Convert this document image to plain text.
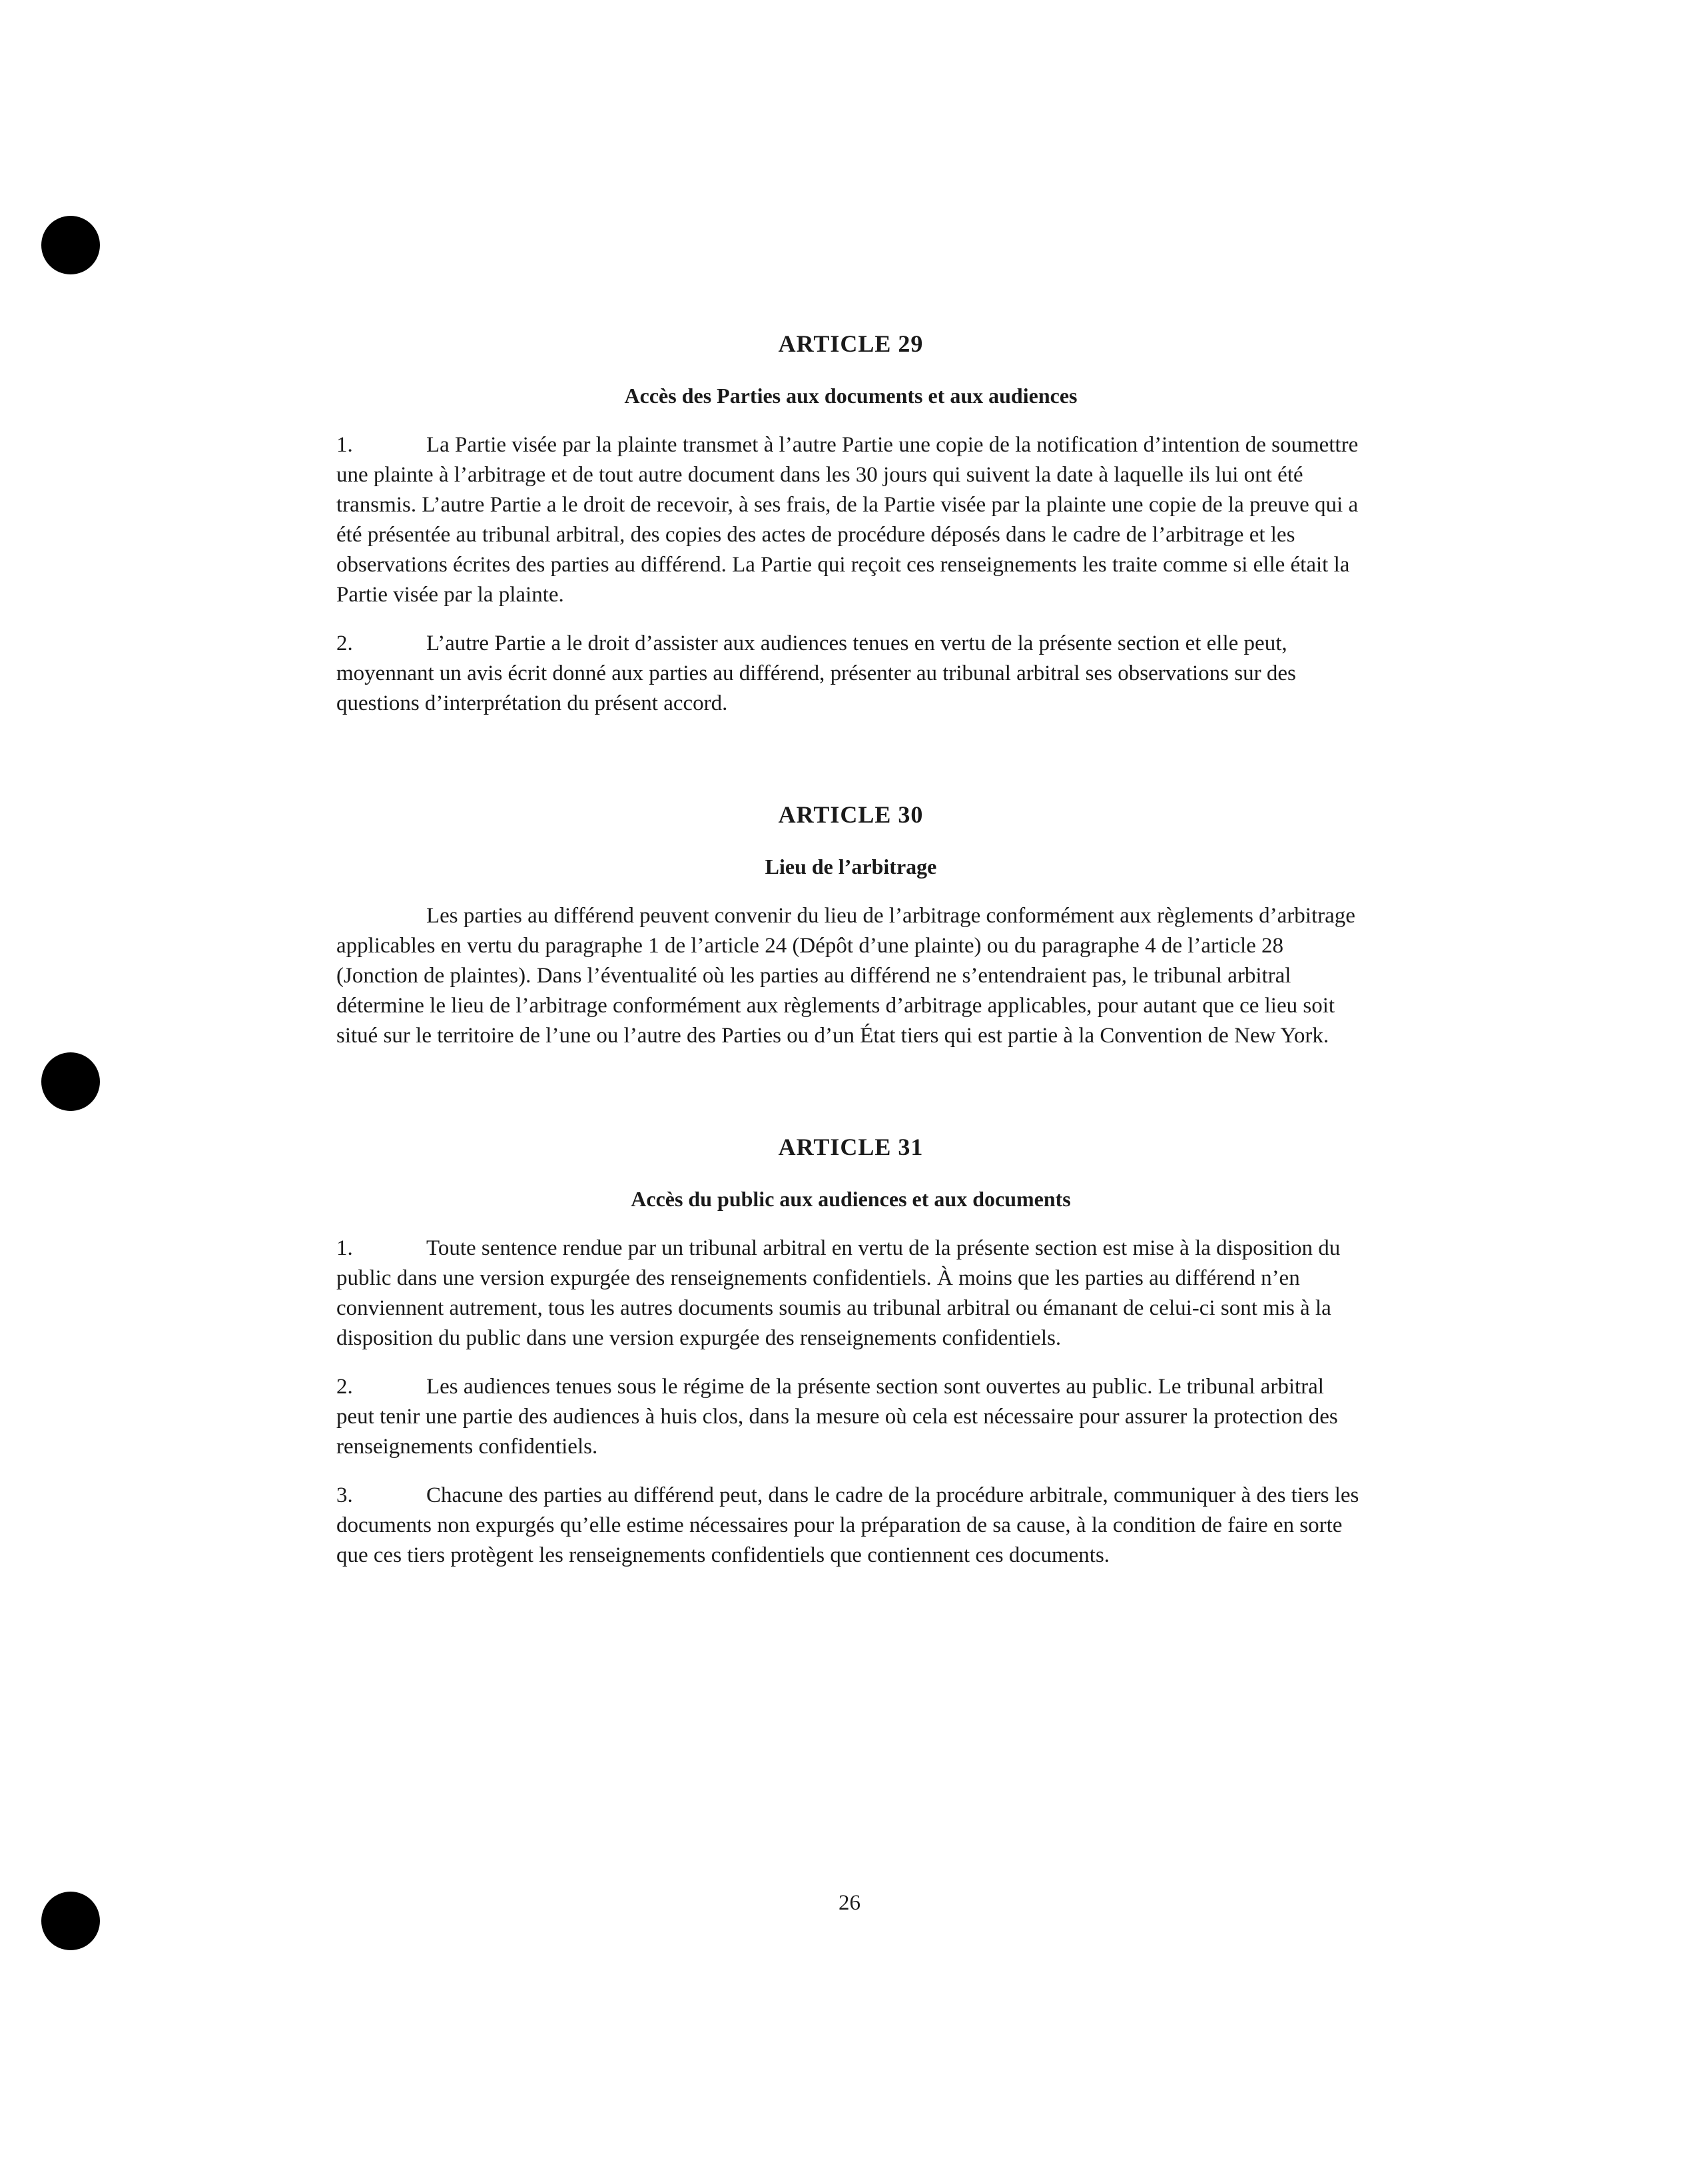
ARTICLE 29
Accès des Parties aux documents et aux audiences

1.	La Partie visée par la plainte transmet à l’autre Partie une copie de la notification d’intention de soumettre une plainte à l’arbitrage et de tout autre document dans les 30 jours qui suivent la date à laquelle ils lui ont été transmis. L’autre Partie a le droit de recevoir, à ses frais, de la Partie visée par la plainte une copie de la preuve qui a été présentée au tribunal arbitral, des copies des actes de procédure déposés dans le cadre de l’arbitrage et les observations écrites des parties au différend. La Partie qui reçoit ces renseignements les traite comme si elle était la Partie visée par la plainte.

2.	L’autre Partie a le droit d’assister aux audiences tenues en vertu de la présente section et elle peut, moyennant un avis écrit donné aux parties au différend, présenter au tribunal arbitral ses observations sur des questions d’interprétation du présent accord.

ARTICLE 30
Lieu de l’arbitrage

Les parties au différend peuvent convenir du lieu de l’arbitrage conformément aux règlements d’arbitrage applicables en vertu du paragraphe 1 de l’article 24 (Dépôt d’une plainte) ou du paragraphe 4 de l’article 28 (Jonction de plaintes). Dans l’éventualité où les parties au différend ne s’entendraient pas, le tribunal arbitral détermine le lieu de l’arbitrage conformément aux règlements d’arbitrage applicables, pour autant que ce lieu soit situé sur le territoire de l’une ou l’autre des Parties ou d’un État tiers qui est partie à la Convention de New York.

ARTICLE 31
Accès du public aux audiences et aux documents

1.	Toute sentence rendue par un tribunal arbitral en vertu de la présente section est mise à la disposition du public dans une version expurgée des renseignements confidentiels. À moins que les parties au différend n’en conviennent autrement, tous les autres documents soumis au tribunal arbitral ou émanant de celui-ci sont mis à la disposition du public dans une version expurgée des renseignements confidentiels.

2.	Les audiences tenues sous le régime de la présente section sont ouvertes au public. Le tribunal arbitral peut tenir une partie des audiences à huis clos, dans la mesure où cela est nécessaire pour assurer la protection des renseignements confidentiels.

3.	Chacune des parties au différend peut, dans le cadre de la procédure arbitrale, communiquer à des tiers les documents non expurgés qu’elle estime nécessaires pour la préparation de sa cause, à la condition de faire en sorte que ces tiers protègent les renseignements confidentiels que contiennent ces documents.

26
